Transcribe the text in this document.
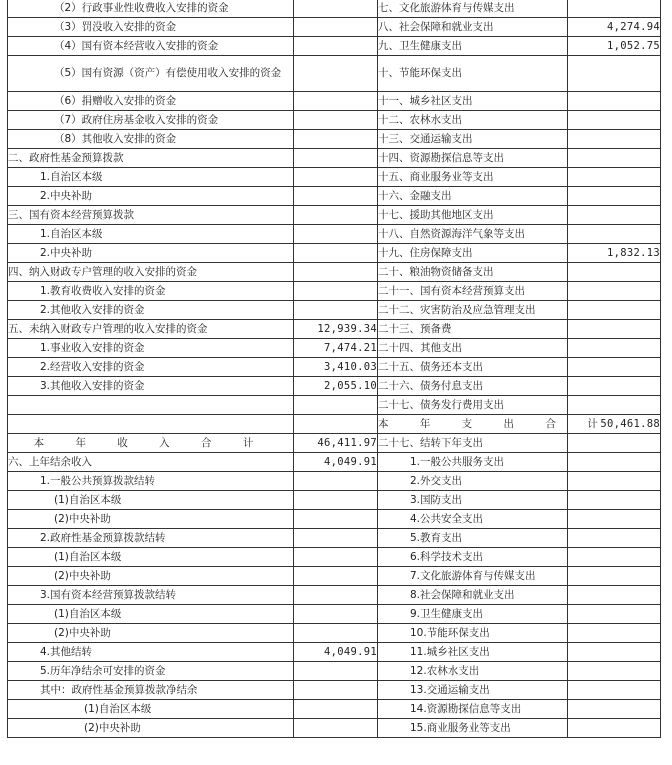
（2）行政事业性收费收入安排的资金		七、文化旅游体育与传媒支出	
（3）罚没收入安排的资金		八、社会保障和就业支出	4,274.94
（4）国有资本经营收入安排的资金		九、卫生健康支出	1,052.75
（5）国有资源（资产）有偿使用收入安排的资金		十、节能环保支出	
（6）捐赠收入安排的资金		十一、城乡社区支出	
（7）政府住房基金收入安排的资金		十二、农林水支出	
（8）其他收入安排的资金		十三、交通运输支出	
二、政府性基金预算拨款		十四、资源勘探信息等支出	
1.自治区本级		十五、商业服务业等支出	
2.中央补助		十六、金融支出	
三、国有资本经营预算拨款		十七、援助其他地区支出	
1.自治区本级		十八、自然资源海洋气象等支出	
2.中央补助		十九、住房保障支出	1,832.13
四、纳入财政专户管理的收入安排的资金		二十、粮油物资储备支出	
1.教育收费收入安排的资金		二十一、国有资本经营预算支出	
2.其他收入安排的资金		二十二、灾害防治及应急管理支出	
五、未纳入财政专户管理的收入安排的资金	12,939.34	二十三、预备费	
1.事业收入安排的资金	7,474.21	二十四、其他支出	
2.经营收入安排的资金	3,410.03	二十五、债务还本支出	
3.其他收入安排的资金	2,055.10	二十六、债务付息支出	
		二十七、债务发行费用支出	
		本 年 支 出 合 计	50,461.88
本 年 收 入 合 计	46,411.97	二十七、结转下年支出	
六、上年结余收入	4,049.91	1.一般公共服务支出	
1.一般公共预算拨款结转		2.外交支出	
(1)自治区本级		3.国防支出	
(2)中央补助		4.公共安全支出	
2.政府性基金预算拨款结转		5.教育支出	
(1)自治区本级		6.科学技术支出	
(2)中央补助		7.文化旅游体育与传媒支出	
3.国有资本经营预算拨款结转		8.社会保障和就业支出	
(1)自治区本级		9.卫生健康支出	
(2)中央补助		10.节能环保支出	
4.其他结转	4,049.91	11.城乡社区支出	
5.历年净结余可安排的资金		12.农林水支出	
其中：政府性基金预算拨款净结余		13.交通运输支出	
(1)自治区本级		14.资源勘探信息等支出	
(2)中央补助		15.商业服务业等支出	
